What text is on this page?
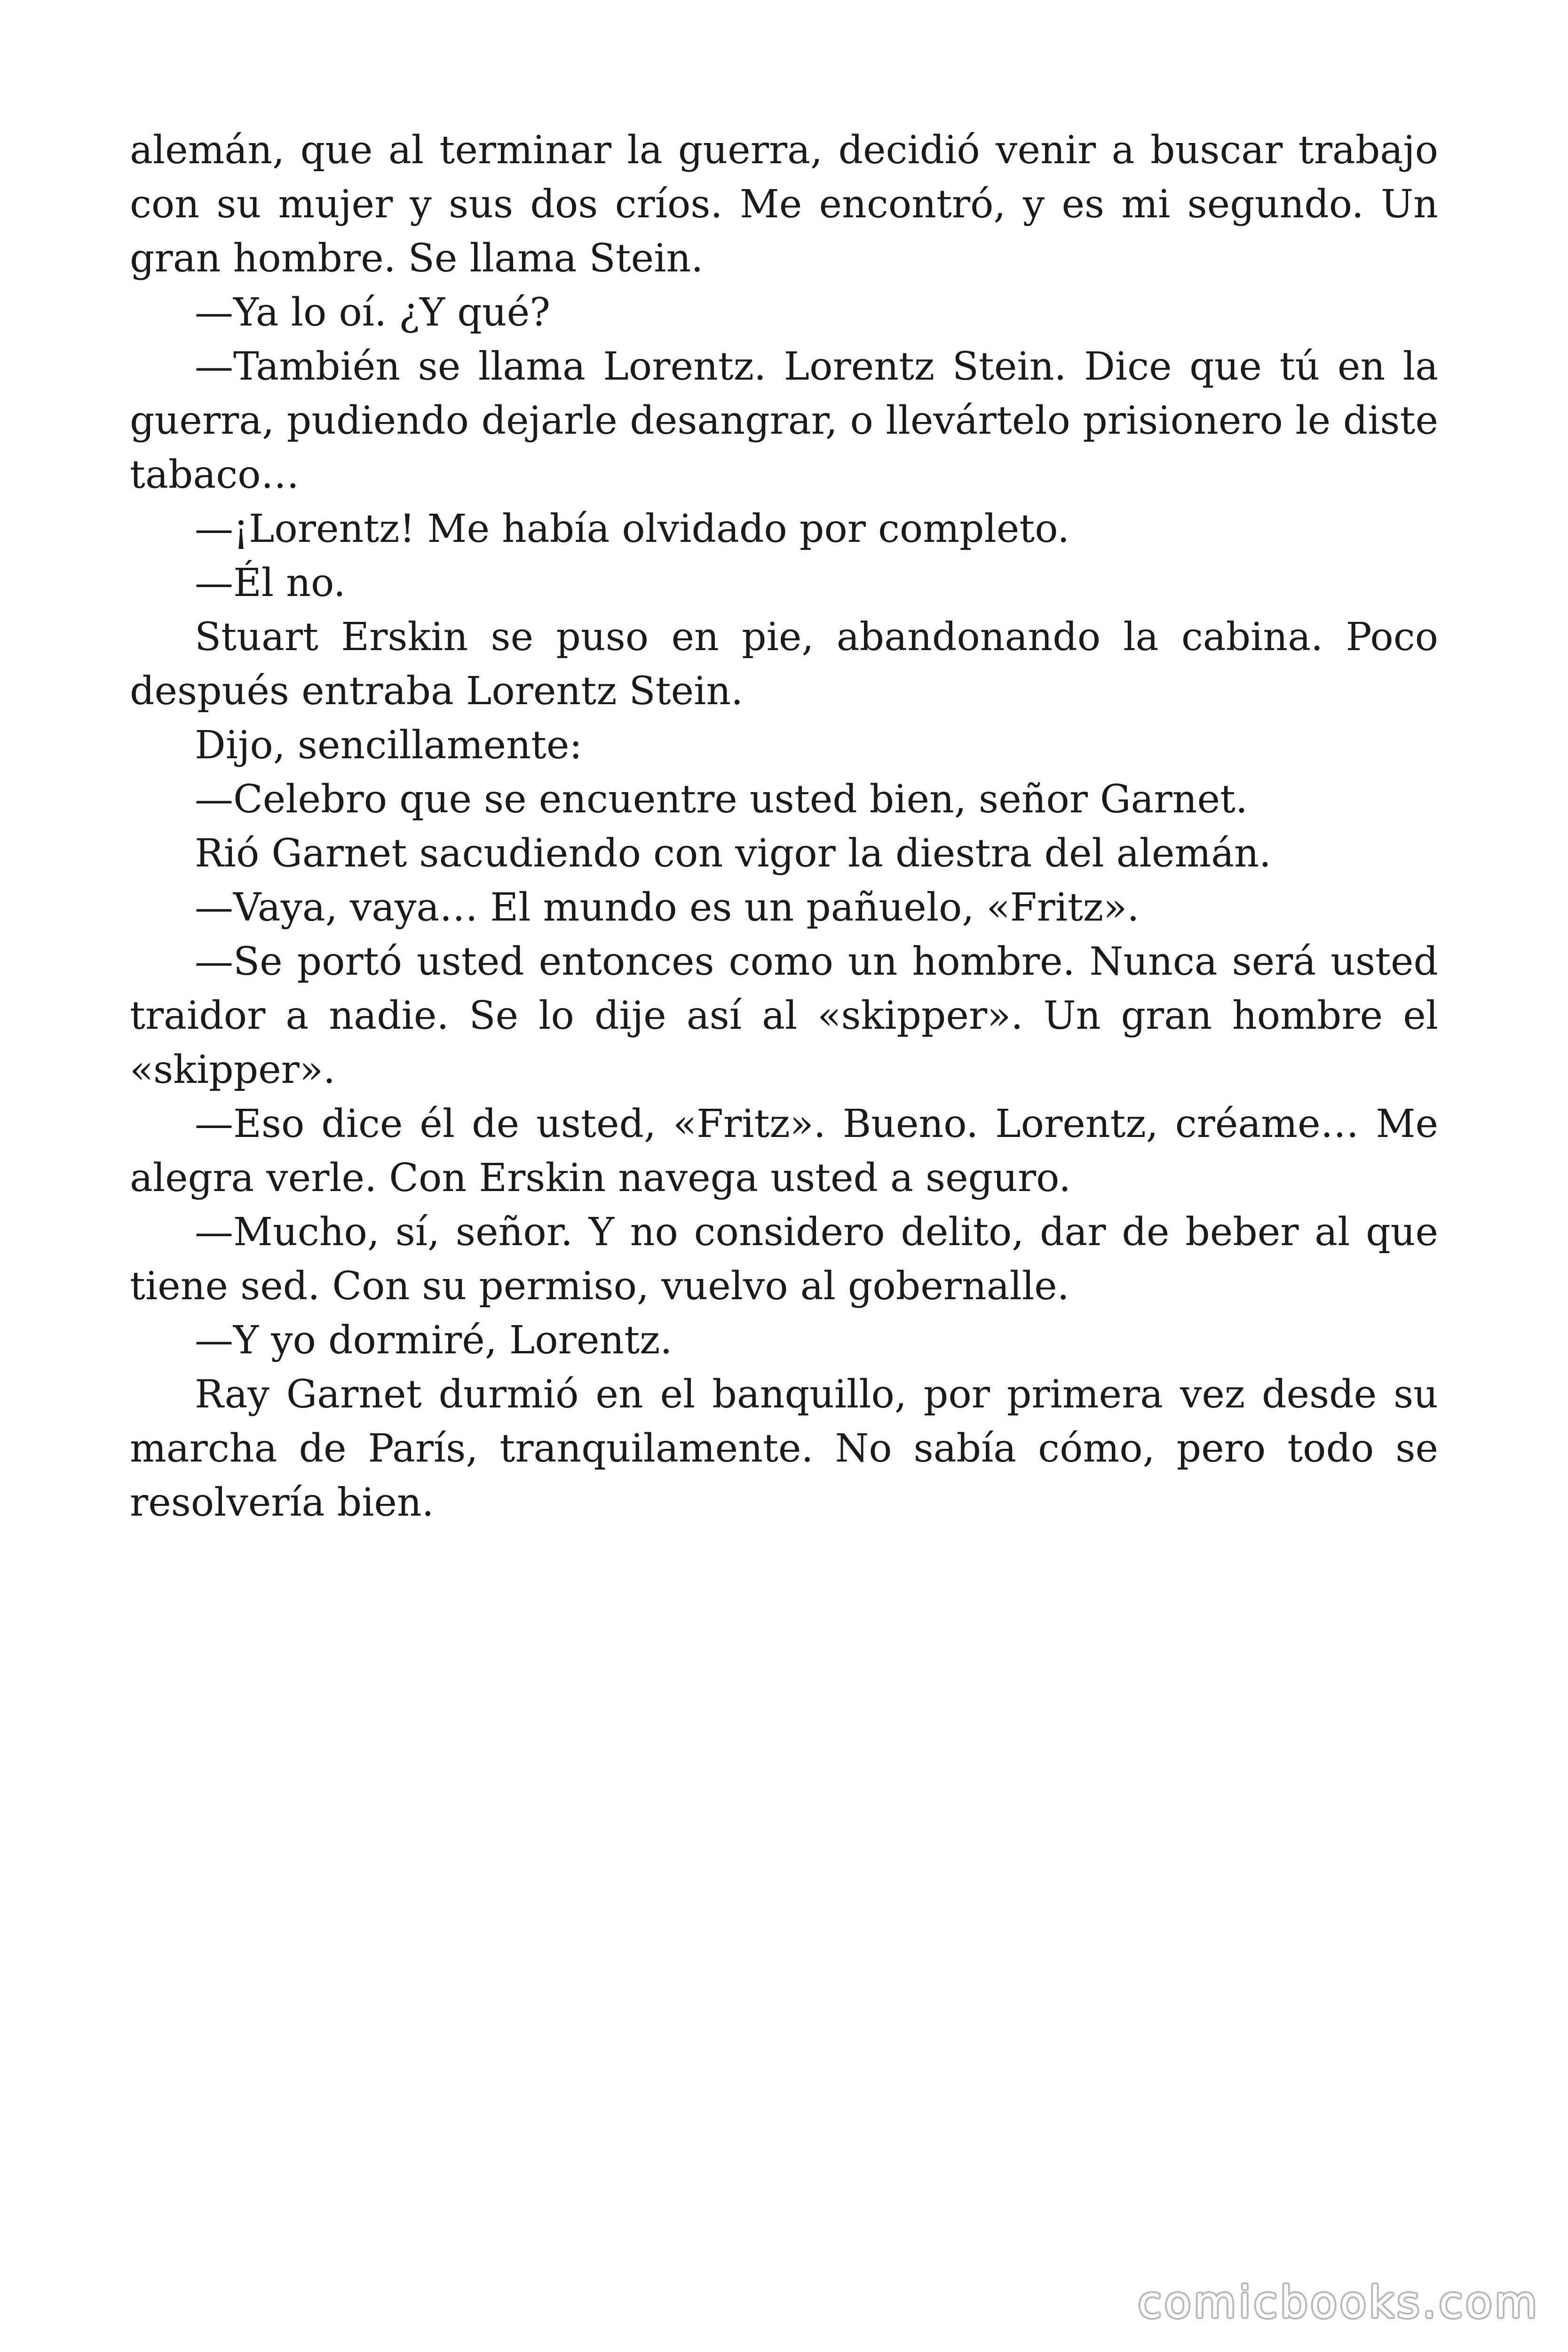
alemán, que al terminar la guerra, decidió venir a buscar trabajo con su mujer y sus dos críos. Me encontró, y es mi segundo. Un gran hombre. Se llama Stein.

—Ya lo oí. ¿Y qué?

—También se llama Lorentz. Lorentz Stein. Dice que tú en la guerra, pudiendo dejarle desangrar, o llevártelo prisionero le diste tabaco…

—¡Lorentz! Me había olvidado por completo.

—Él no.

Stuart Erskin se puso en pie, abandonando la cabina. Poco después entraba Lorentz Stein.

Dijo, sencillamente:

—Celebro que se encuentre usted bien, señor Garnet.

Rió Garnet sacudiendo con vigor la diestra del alemán.

—Vaya, vaya… El mundo es un pañuelo, «Fritz».

—Se portó usted entonces como un hombre. Nunca será usted traidor a nadie. Se lo dije así al «skipper». Un gran hombre el «skipper».

—Eso dice él de usted, «Fritz». Bueno. Lorentz, créame… Me alegra verle. Con Erskin navega usted a seguro.

—Mucho, sí, señor. Y no considero delito, dar de beber al que tiene sed. Con su permiso, vuelvo al gobernalle.

—Y yo dormiré, Lorentz.

Ray Garnet durmió en el banquillo, por primera vez desde su marcha de París, tranquilamente. No sabía cómo, pero todo se resolvería bien.

comicbooks.com
